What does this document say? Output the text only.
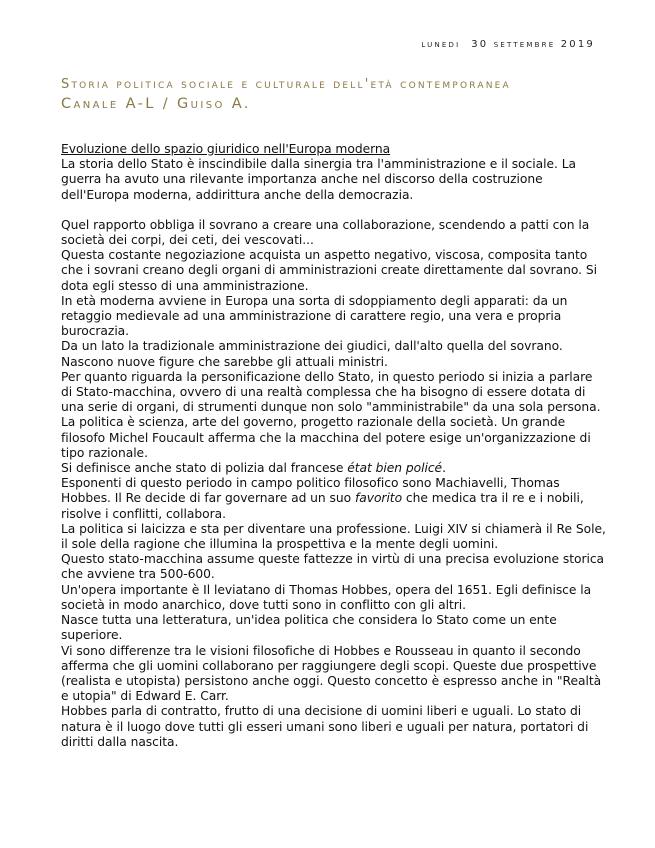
lunedi 30 settembre 2019
Storia politica sociale e culturale dell'età contemporanea
Canale A-L / Guiso A.

Evoluzione dello spazio giuridico nell'Europa moderna

La storia dello Stato è inscindibile dalla sinergia tra l'amministrazione e il sociale. La guerra ha avuto una rilevante importanza anche nel discorso della costruzione dell'Europa moderna, addirittura anche della democrazia.

Quel rapporto obbliga il sovrano a creare una collaborazione, scendendo a patti con la società dei corpi, dei ceti, dei vescovati...

Questa costante negoziazione acquista un aspetto negativo, viscosa, composita tanto che i sovrani creano degli organi di amministrazioni create direttamente dal sovrano. Si dota egli stesso di una amministrazione.

In età moderna avviene in Europa una sorta di sdoppiamento degli apparati: da un retaggio medievale ad una amministrazione di carattere regio, una vera e propria burocrazia.

Da un lato la tradizionale amministrazione dei giudici, dall'alto quella del sovrano. Nascono nuove figure che sarebbe gli attuali ministri.

Per quanto riguarda la personificazione dello Stato, in questo periodo si inizia a parlare di Stato-macchina, ovvero di una realtà complessa che ha bisogno di essere dotata di una serie di organi, di strumenti dunque non solo "amministrabile" da una sola persona.

La politica è scienza, arte del governo, progetto razionale della società. Un grande filosofo Michel Foucault afferma che la macchina del potere esige un'organizzazione di tipo razionale.

Si definisce anche stato di polizia dal francese état bien policé.

Esponenti di questo periodo in campo politico filosofico sono Machiavelli, Thomas Hobbes. Il Re decide di far governare ad un suo favorito che medica tra il re e i nobili, risolve i conflitti, collabora.

La politica si laicizza e sta per diventare una professione. Luigi XIV si chiamerà il Re Sole, il sole della ragione che illumina la prospettiva e la mente degli uomini.

Questo stato-macchina assume queste fattezze in virtù di una precisa evoluzione storica che avviene tra 500-600.

Un'opera importante è Il leviatano di Thomas Hobbes, opera del 1651. Egli definisce la società in modo anarchico, dove tutti sono in conflitto con gli altri.

Nasce tutta una letteratura, un'idea politica che considera lo Stato come un ente superiore.

Vi sono differenze tra le visioni filosofiche di Hobbes e Rousseau in quanto il secondo afferma che gli uomini collaborano per raggiungere degli scopi. Queste due prospettive (realista e utopista) persistono anche oggi. Questo concetto è espresso anche in "Realtà e utopia" di Edward E. Carr.

Hobbes parla di contratto, frutto di una decisione di uomini liberi e uguali. Lo stato di natura è il luogo dove tutti gli esseri umani sono liberi e uguali per natura, portatori di diritti dalla nascita.
